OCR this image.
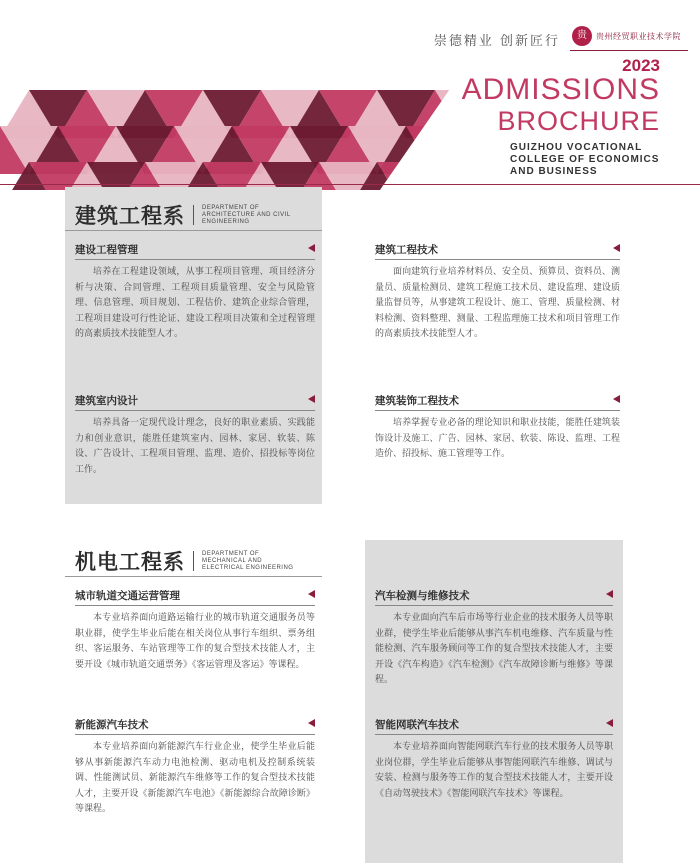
崇德精业 创新匠行	贵	贵州经贸职业技术学院
2023
ADMISSIONS
BROCHURE
GUIZHOU VOCATIONAL
COLLEGE OF ECONOMICS
AND BUSINESS
建筑工程系	DEPARTMENT OF ARCHITECTURE AND CIVIL ENGINEERING
建设工程管理
培养在工程建设领域，从事工程项目管理、项目经济分析与决策、合同管理、工程项目质量管理、安全与风险管理、信息管理、项目规划、工程估价、建筑企业综合管理，工程项目建设可行性论证、建设工程项目决策和全过程管理的高素质技术技能型人才。
建筑工程技术
面向建筑行业培养材料员、安全员、预算员、资料员、测量员、质量检测员、建筑工程施工技术员、建设监理、建设质量监督员等，从事建筑工程设计、施工、管理、质量检测、材料检测、资料整理、测量、工程监理施工技术和项目管理工作的高素质技术技能型人才。
建筑室内设计
培养具备一定现代设计理念，良好的职业素质、实践能力和创业意识，能胜任建筑室内、园林、家居、软装、陈设、广告设计、工程项目管理、监理、造价、招投标等岗位工作。
建筑装饰工程技术
培养掌握专业必备的理论知识和职业技能，能胜任建筑装饰设计及施工、广告、园林、家居、软装、陈设、监理、工程造价、招投标、施工管理等工作。
机电工程系	DEPARTMENT OF MECHANICAL AND ELECTRICAL ENGINEERING
城市轨道交通运营管理
本专业培养面向道路运输行业的城市轨道交通服务员等职业群，使学生毕业后能在相关岗位从事行车组织、票务组织、客运服务、车站管理等工作的复合型技术技能人才，主要开设《城市轨道交通票务》《客运管理及客运》等课程。
汽车检测与维修技术
本专业面向汽车后市场等行业企业的技术服务人员等职业群，使学生毕业后能够从事汽车机电维修、汽车质量与性能检测、汽车服务顾问等工作的复合型技术技能人才，主要开设《汽车构造》《汽车检测》《汽车故障诊断与维修》等课程。
新能源汽车技术
本专业培养面向新能源汽车行业企业，使学生毕业后能够从事新能源汽车动力电池检测、驱动电机及控制系统装调、性能测试员、新能源汽车维修等工作的复合型技术技能人才，主要开设《新能源汽车电池》《新能源综合故障诊断》等课程。
智能网联汽车技术
本专业培养面向智能网联汽车行业的技术服务人员等职业岗位群，学生毕业后能够从事智能网联汽车维修、调试与安装、检测与服务等工作的复合型技术技能人才，主要开设《自动驾驶技术》《智能网联汽车技术》等课程。
